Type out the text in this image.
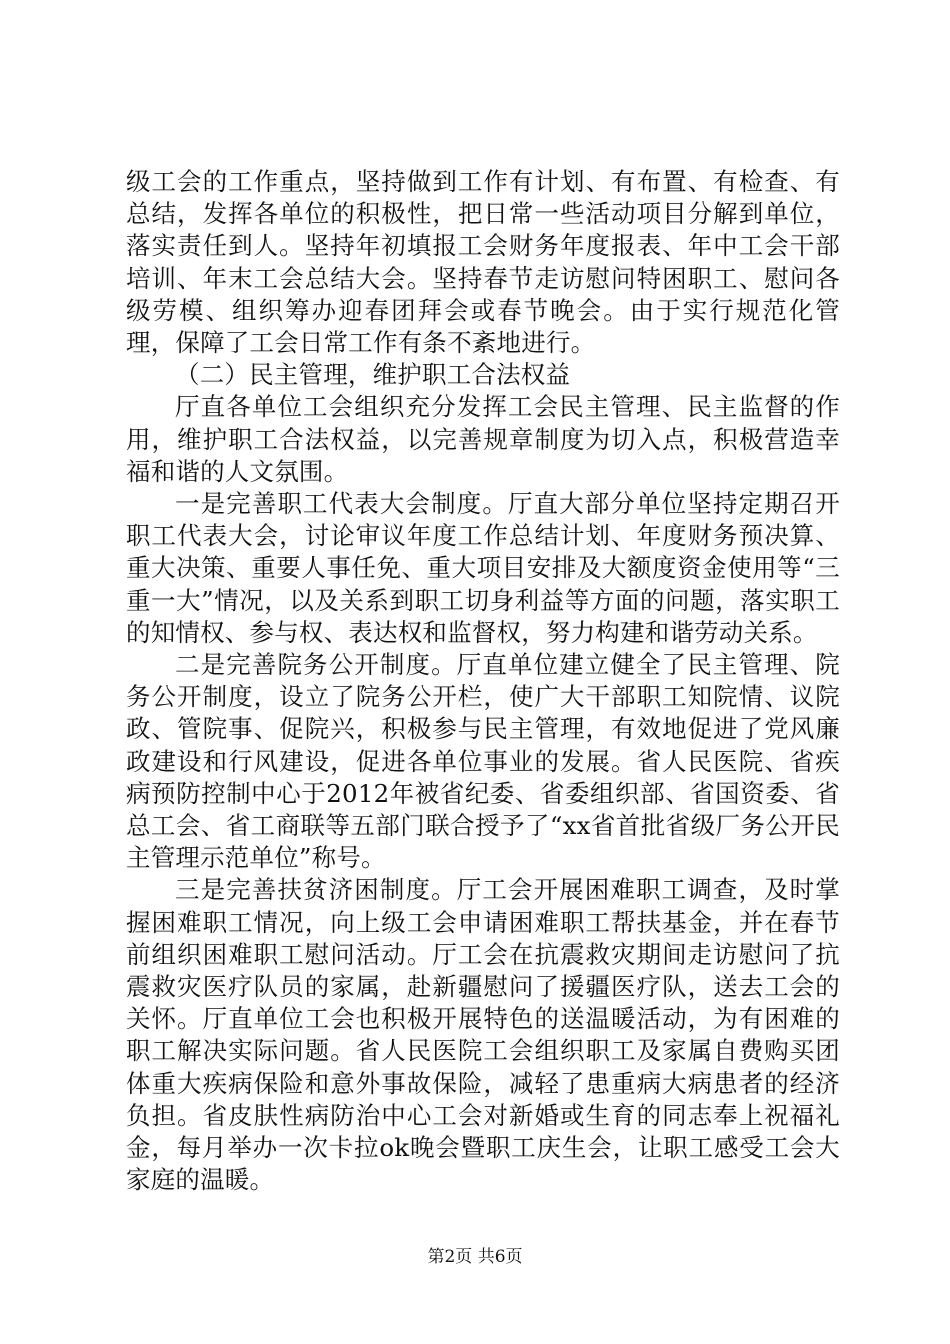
级工会的工作重点，坚持做到工作有计划、有布置、有检查、有总结，发挥各单位的积极性，把日常一些活动项目分解到单位，落实责任到人。坚持年初填报工会财务年度报表、年中工会干部培训、年末工会总结大会。坚持春节走访慰问特困职工、慰问各级劳模、组织筹办迎春团拜会或春节晚会。由于实行规范化管理，保障了工会日常工作有条不紊地进行。

（二）民主管理，维护职工合法权益

厅直各单位工会组织充分发挥工会民主管理、民主监督的作用，维护职工合法权益，以完善规章制度为切入点，积极营造幸福和谐的人文氛围。

一是完善职工代表大会制度。厅直大部分单位坚持定期召开职工代表大会，讨论审议年度工作总结计划、年度财务预决算、重大决策、重要人事任免、重大项目安排及大额度资金使用等“三重一大”情况，以及关系到职工切身利益等方面的问题，落实职工的知情权、参与权、表达权和监督权，努力构建和谐劳动关系。

二是完善院务公开制度。厅直单位建立健全了民主管理、院务公开制度，设立了院务公开栏，使广大干部职工知院情、议院政、管院事、促院兴，积极参与民主管理，有效地促进了党风廉政建设和行风建设，促进各单位事业的发展。省人民医院、省疾病预防控制中心于2012年被省纪委、省委组织部、省国资委、省总工会、省工商联等五部门联合授予了“xx省首批省级厂务公开民主管理示范单位”称号。

三是完善扶贫济困制度。厅工会开展困难职工调查，及时掌握困难职工情况，向上级工会申请困难职工帮扶基金，并在春节前组织困难职工慰问活动。厅工会在抗震救灾期间走访慰问了抗震救灾医疗队员的家属，赴新疆慰问了援疆医疗队，送去工会的关怀。厅直单位工会也积极开展特色的送温暖活动，为有困难的职工解决实际问题。省人民医院工会组织职工及家属自费购买团体重大疾病保险和意外事故保险，减轻了患重病大病患者的经济负担。省皮肤性病防治中心工会对新婚或生育的同志奉上祝福礼金，每月举办一次卡拉ok晚会暨职工庆生会，让职工感受工会大家庭的温暖。

第2页 共6页
